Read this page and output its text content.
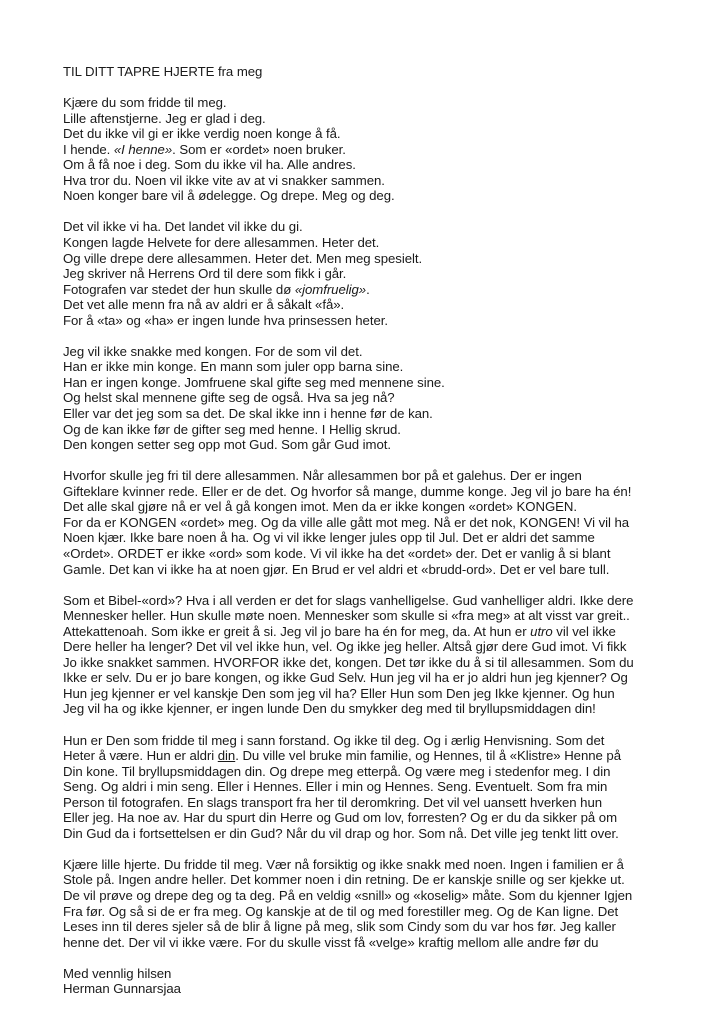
TIL DITT TAPRE HJERTE fra meg
Kjære du som fridde til meg.
Lille aftenstjerne. Jeg er glad i deg.
Det du ikke vil gi er ikke verdig noen konge å få.
I hende. «I henne». Som er «ordet» noen bruker.
Om å få noe i deg. Som du ikke vil ha. Alle andres.
Hva tror du. Noen vil ikke vite av at vi snakker sammen.
Noen konger bare vil å ødelegge. Og drepe. Meg og deg.
Det vil ikke vi ha. Det landet vil ikke du gi.
Kongen lagde Helvete for dere allesammen. Heter det.
Og ville drepe dere allesammen. Heter det. Men meg spesielt.
Jeg skriver nå Herrens Ord til dere som fikk i går.
Fotografen var stedet der hun skulle dø «jomfruelig».
Det vet alle menn fra nå av aldri er å såkalt «få».
For å «ta» og «ha» er ingen lunde hva prinsessen heter.
Jeg vil ikke snakke med kongen. For de som vil det.
Han er ikke min konge. En mann som juler opp barna sine.
Han er ingen konge. Jomfruene skal gifte seg med mennene sine.
Og helst skal mennene gifte seg de også. Hva sa jeg nå?
Eller var det jeg som sa det. De skal ikke inn i henne før de kan.
Og de kan ikke før de gifter seg med henne. I Hellig skrud.
Den kongen setter seg opp mot Gud. Som går Gud imot.
Hvorfor skulle jeg fri til dere allesammen. Når allesammen bor på et galehus. Der er ingen
Gifteklare kvinner rede. Eller er de det. Og hvorfor så mange, dumme konge. Jeg vil jo bare ha én!
Det alle skal gjøre nå er vel å gå kongen imot. Men da er ikke kongen «ordet» KONGEN.
For da er KONGEN «ordet» meg. Og da ville alle gått mot meg. Nå er det nok, KONGEN! Vi vil ha
Noen kjær. Ikke bare noen å ha. Og vi vil ikke lenger jules opp til Jul. Det er aldri det samme
«Ordet». ORDET er ikke «ord» som kode. Vi vil ikke ha det «ordet» der. Det er vanlig å si blant
Gamle. Det kan vi ikke ha at noen gjør. En Brud er vel aldri et «brudd-ord». Det er vel bare tull.
Som et Bibel-«ord»? Hva i all verden er det for slags vanhelligelse. Gud vanhelliger aldri. Ikke dere
Mennesker heller. Hun skulle møte noen. Mennesker som skulle si «fra meg» at alt visst var greit..
Attekattenoah. Som ikke er greit å si. Jeg vil jo bare ha én for meg, da. At hun er utro vil vel ikke
Dere heller ha lenger? Det vil vel ikke hun, vel. Og ikke jeg heller. Altså gjør dere Gud imot. Vi fikk
Jo ikke snakket sammen. HVORFOR ikke det, kongen. Det tør ikke du å si til allesammen. Som du
Ikke er selv. Du er jo bare kongen, og ikke Gud Selv. Hun jeg vil ha er jo aldri hun jeg kjenner? Og
Hun jeg kjenner er vel kanskje Den som jeg vil ha? Eller Hun som Den jeg Ikke kjenner. Og hun
Jeg vil ha og ikke kjenner, er ingen lunde Den du smykker deg med til bryllupsmiddagen din!
Hun er Den som fridde til meg i sann forstand. Og ikke til deg. Og i ærlig Henvisning. Som det
Heter å være. Hun er aldri din. Du ville vel bruke min familie, og Hennes, til å «Klistre» Henne på
Din kone. Til bryllupsmiddagen din. Og drepe meg etterpå. Og være meg i stedenfor meg. I din
Seng. Og aldri i min seng. Eller i Hennes. Eller i min og Hennes. Seng. Eventuelt. Som fra min
Person til fotografen. En slags transport fra her til deromkring. Det vil vel uansett hverken hun
Eller jeg. Ha noe av. Har du spurt din Herre og Gud om lov, forresten? Og er du da sikker på om
Din Gud da i fortsettelsen er din Gud? Når du vil drap og hor. Som nå. Det ville jeg tenkt litt over.
Kjære lille hjerte. Du fridde til meg. Vær nå forsiktig og ikke snakk med noen. Ingen i familien er å
Stole på. Ingen andre heller. Det kommer noen i din retning. De er kanskje snille og ser kjekke ut.
De vil prøve og drepe deg og ta deg. På en veldig «snill» og «koselig» måte. Som du kjenner Igjen
Fra før. Og så si de er fra meg. Og kanskje at de til og med forestiller meg. Og de Kan ligne. Det
Leses inn til deres sjeler så de blir å ligne på meg, slik som Cindy som du var hos før. Jeg kaller
henne det. Der vil vi ikke være. For du skulle visst få «velge» kraftig mellom alle andre før du
Med vennlig hilsen
Herman Gunnarsjaa
